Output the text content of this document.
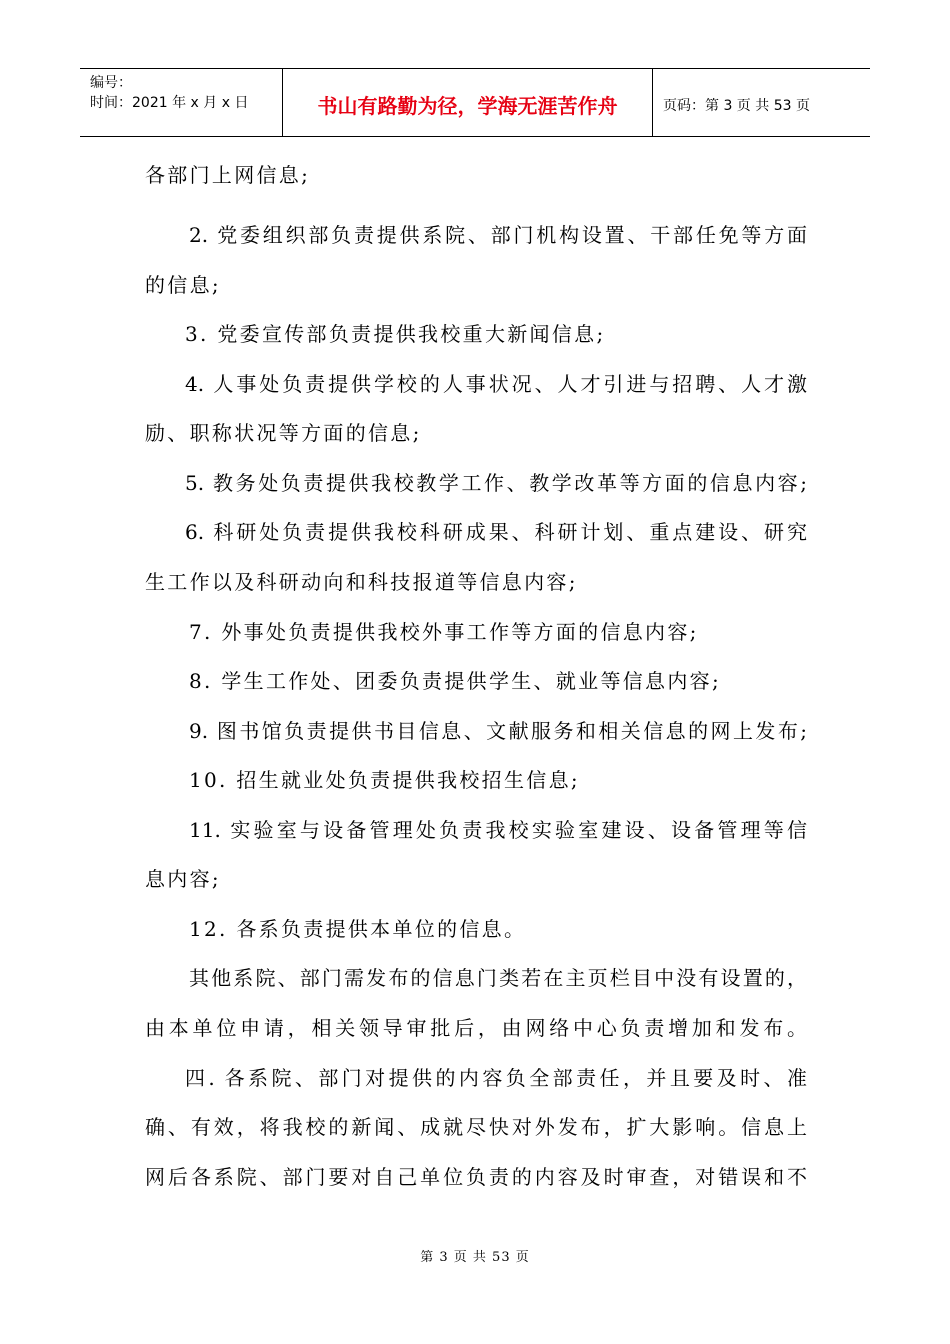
编号：
时间：2021 年 x 月 x 日	书山有路勤为径，学海无涯苦作舟	页码：第 3 页 共 53 页
各部门上网信息;
2. 党委组织部负责提供系院、部门机构设置、干部任免等方面
的信息;
3. 党委宣传部负责提供我校重大新闻信息;
4. 人事处负责提供学校的人事状况、人才引进与招聘、人才激
励、职称状况等方面的信息;
5. 教务处负责提供我校教学工作、教学改革等方面的信息内容;
6. 科研处负责提供我校科研成果、科研计划、重点建设、研究
生工作以及科研动向和科技报道等信息内容;
7. 外事处负责提供我校外事工作等方面的信息内容;
8. 学生工作处、团委负责提供学生、就业等信息内容;
9. 图书馆负责提供书目信息、文献服务和相关信息的网上发布;
10. 招生就业处负责提供我校招生信息;
11. 实验室与设备管理处负责我校实验室建设、设备管理等信
息内容;
12. 各系负责提供本单位的信息。
其他系院、部门需发布的信息门类若在主页栏目中没有设置的，
由本单位申请，相关领导审批后，由网络中心负责增加和发布。
四. 各系院、部门对提供的内容负全部责任，并且要及时、准
确、有效，将我校的新闻、成就尽快对外发布，扩大影响。信息上
网后各系院、部门要对自己单位负责的内容及时审查，对错误和不
第 3 页 共 53 页
